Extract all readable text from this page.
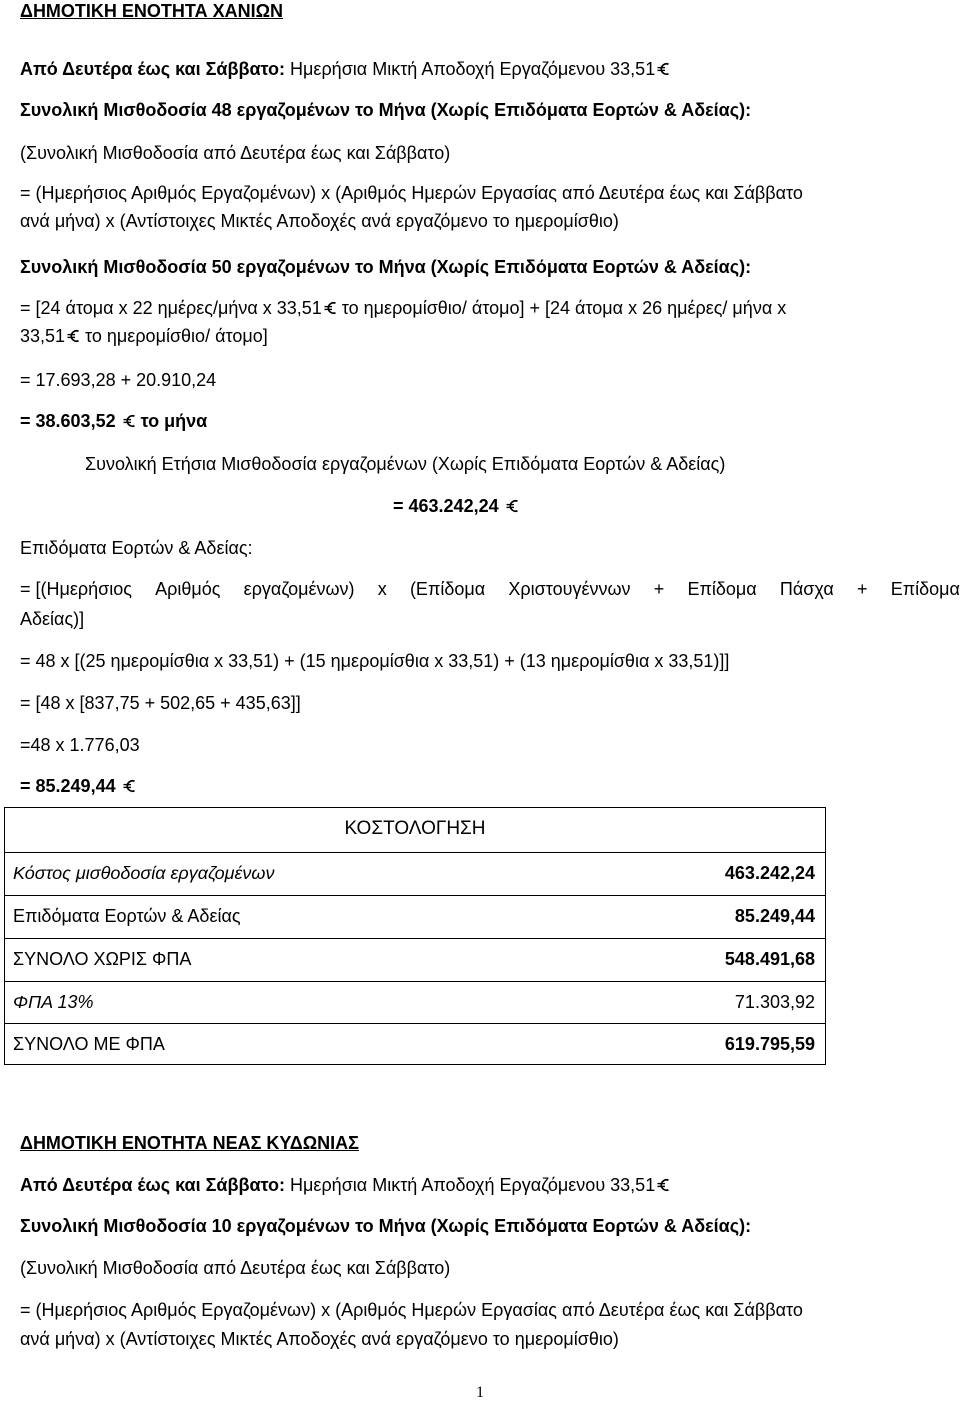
ΔΗΜΟΤΙΚΗ ΕΝΟΤΗΤΑ ΧΑΝΙΩΝ
Από Δευτέρα έως και Σάββατο: Ημερήσια Μικτή Αποδοχή Εργαζόμενου 33,51
Συνολική Μισθοδοσία 48 εργαζομένων το Μήνα (Χωρίς Επιδόματα Εορτών & Αδείας):
(Συνολική Μισθοδοσία από Δευτέρα έως και Σάββατο)
= (Ημερήσιος Αριθμός Εργαζομένων) x (Αριθμός Ημερών Εργασίας από Δευτέρα έως και Σάββατο
ανά μήνα) x (Αντίστοιχες Μικτές Αποδοχές ανά εργαζόμενο το ημερομίσθιο)
Συνολική Μισθοδοσία 50 εργαζομένων το Μήνα (Χωρίς Επιδόματα Εορτών & Αδείας):
= [24 άτομα x 22 ημέρες/μήνα x 33,51 το ημερομίσθιο/ άτομο] + [24 άτομα x 26 ημέρες/ μήνα x
33,51 το ημερομίσθιο/ άτομο]
= 17.693,28 + 20.910,24
= 38.603,52  το μήνα
Συνολική Ετήσια Μισθοδοσία εργαζομένων (Χωρίς Επιδόματα Εορτών & Αδείας)
= 463.242,24
Επιδόματα Εορτών & Αδείας:
= [(Ημερήσιος Αριθμός εργαζομένων) x (Επίδομα Χριστουγέννων + Επίδομα Πάσχα + Επίδομα
Αδείας)]
= 48 x [(25 ημερομίσθια x 33,51) + (15 ημερομίσθια x 33,51) + (13 ημερομίσθια x 33,51)]]
= [48 x [837,75 + 502,65 + 435,63]]
=48 x 1.776,03
= 85.249,44
ΚΟΣΤΟΛΟΓΗΣΗ
Κόστος μισθοδοσία εργαζομένων	463.242,24
Επιδόματα Εορτών & Αδείας	85.249,44
ΣΥΝΟΛΟ ΧΩΡΙΣ ΦΠΑ	548.491,68
ΦΠΑ 13%	71.303,92
ΣΥΝΟΛΟ ΜΕ ΦΠΑ	619.795,59
ΔΗΜΟΤΙΚΗ ΕΝΟΤΗΤΑ ΝΕΑΣ ΚΥΔΩΝΙΑΣ
Από Δευτέρα έως και Σάββατο: Ημερήσια Μικτή Αποδοχή Εργαζόμενου 33,51
Συνολική Μισθοδοσία 10 εργαζομένων το Μήνα (Χωρίς Επιδόματα Εορτών & Αδείας):
(Συνολική Μισθοδοσία από Δευτέρα έως και Σάββατο)
= (Ημερήσιος Αριθμός Εργαζομένων) x (Αριθμός Ημερών Εργασίας από Δευτέρα έως και Σάββατο
ανά μήνα) x (Αντίστοιχες Μικτές Αποδοχές ανά εργαζόμενο το ημερομίσθιο)
1
